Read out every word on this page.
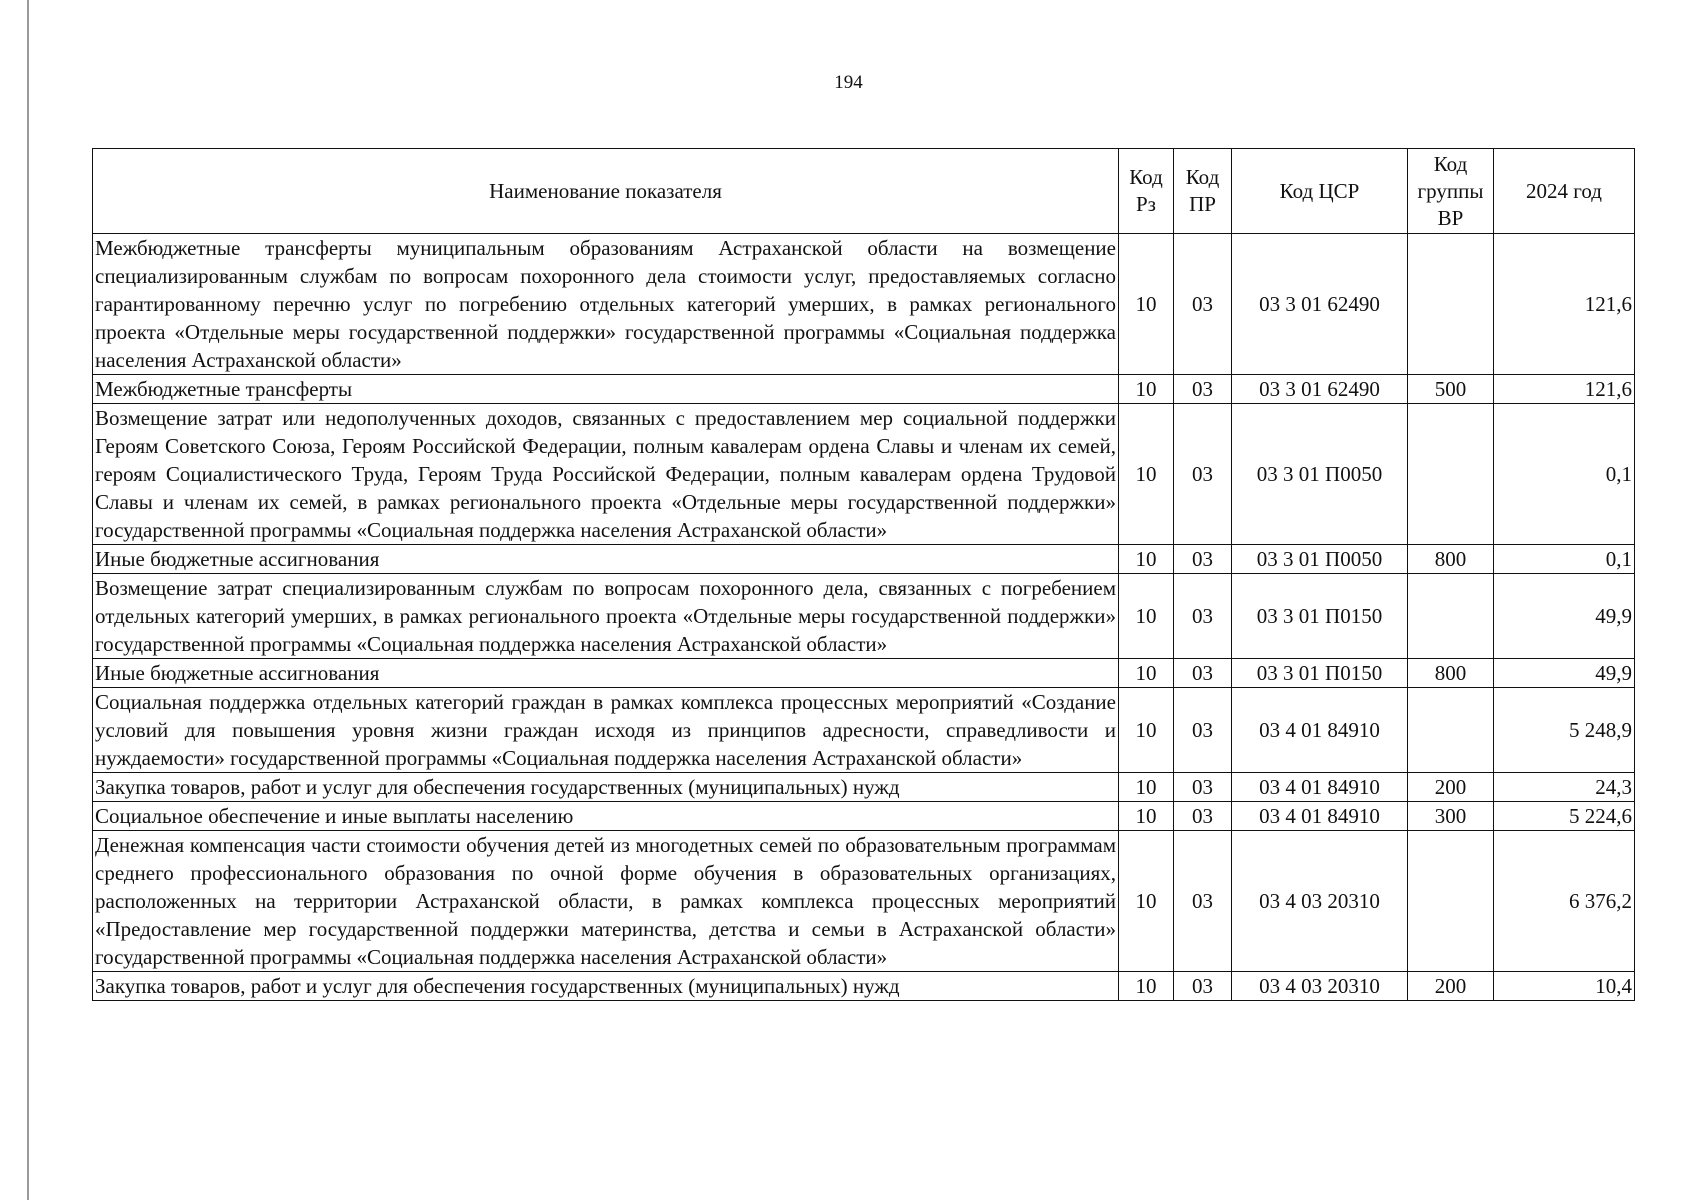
194
Наименование показателя	Код Рз	Код ПР	Код ЦСР	Код группы ВР	2024 год
Межбюджетные трансферты муниципальным образованиям Астраханской области на возмещение специализированным службам по вопросам похоронного дела стоимости услуг, предоставляемых согласно гарантированному перечню услуг по погребению отдельных категорий умерших, в рамках регионального проекта «Отдельные меры государственной поддержки» государственной программы «Социальная поддержка населения Астраханской области»	10	03	03 3 01 62490		121,6
Межбюджетные трансферты	10	03	03 3 01 62490	500	121,6
Возмещение затрат или недополученных доходов, связанных с предоставлением мер социальной поддержки Героям Советского Союза, Героям Российской Федерации, полным кавалерам ордена Славы и членам их семей, героям Социалистического Труда, Героям Труда Российской Федерации, полным кавалерам ордена Трудовой Славы и членам их семей, в рамках регионального проекта «Отдельные меры государственной поддержки» государственной программы «Социальная поддержка населения Астраханской области»	10	03	03 3 01 П0050		0,1
Иные бюджетные ассигнования	10	03	03 3 01 П0050	800	0,1
Возмещение затрат специализированным службам по вопросам похоронного дела, связанных с погребением отдельных категорий умерших, в рамках регионального проекта «Отдельные меры государственной поддержки» государственной программы «Социальная поддержка населения Астраханской области»	10	03	03 3 01 П0150		49,9
Иные бюджетные ассигнования	10	03	03 3 01 П0150	800	49,9
Социальная поддержка отдельных категорий граждан в рамках комплекса процессных мероприятий «Создание условий для повышения уровня жизни граждан исходя из принципов адресности, справедливости и нуждаемости» государственной программы «Социальная поддержка населения Астраханской области»	10	03	03 4 01 84910		5 248,9
Закупка товаров, работ и услуг для обеспечения государственных (муниципальных) нужд	10	03	03 4 01 84910	200	24,3
Социальное обеспечение и иные выплаты населению	10	03	03 4 01 84910	300	5 224,6
Денежная компенсация части стоимости обучения детей из многодетных семей по образовательным программам среднего профессионального образования по очной форме обучения в образовательных организациях, расположенных на территории Астраханской области, в рамках комплекса процессных мероприятий «Предоставление мер государственной поддержки материнства, детства и семьи в Астраханской области» государственной программы «Социальная поддержка населения Астраханской области»	10	03	03 4 03 20310		6 376,2
Закупка товаров, работ и услуг для обеспечения государственных (муниципальных) нужд	10	03	03 4 03 20310	200	10,4
